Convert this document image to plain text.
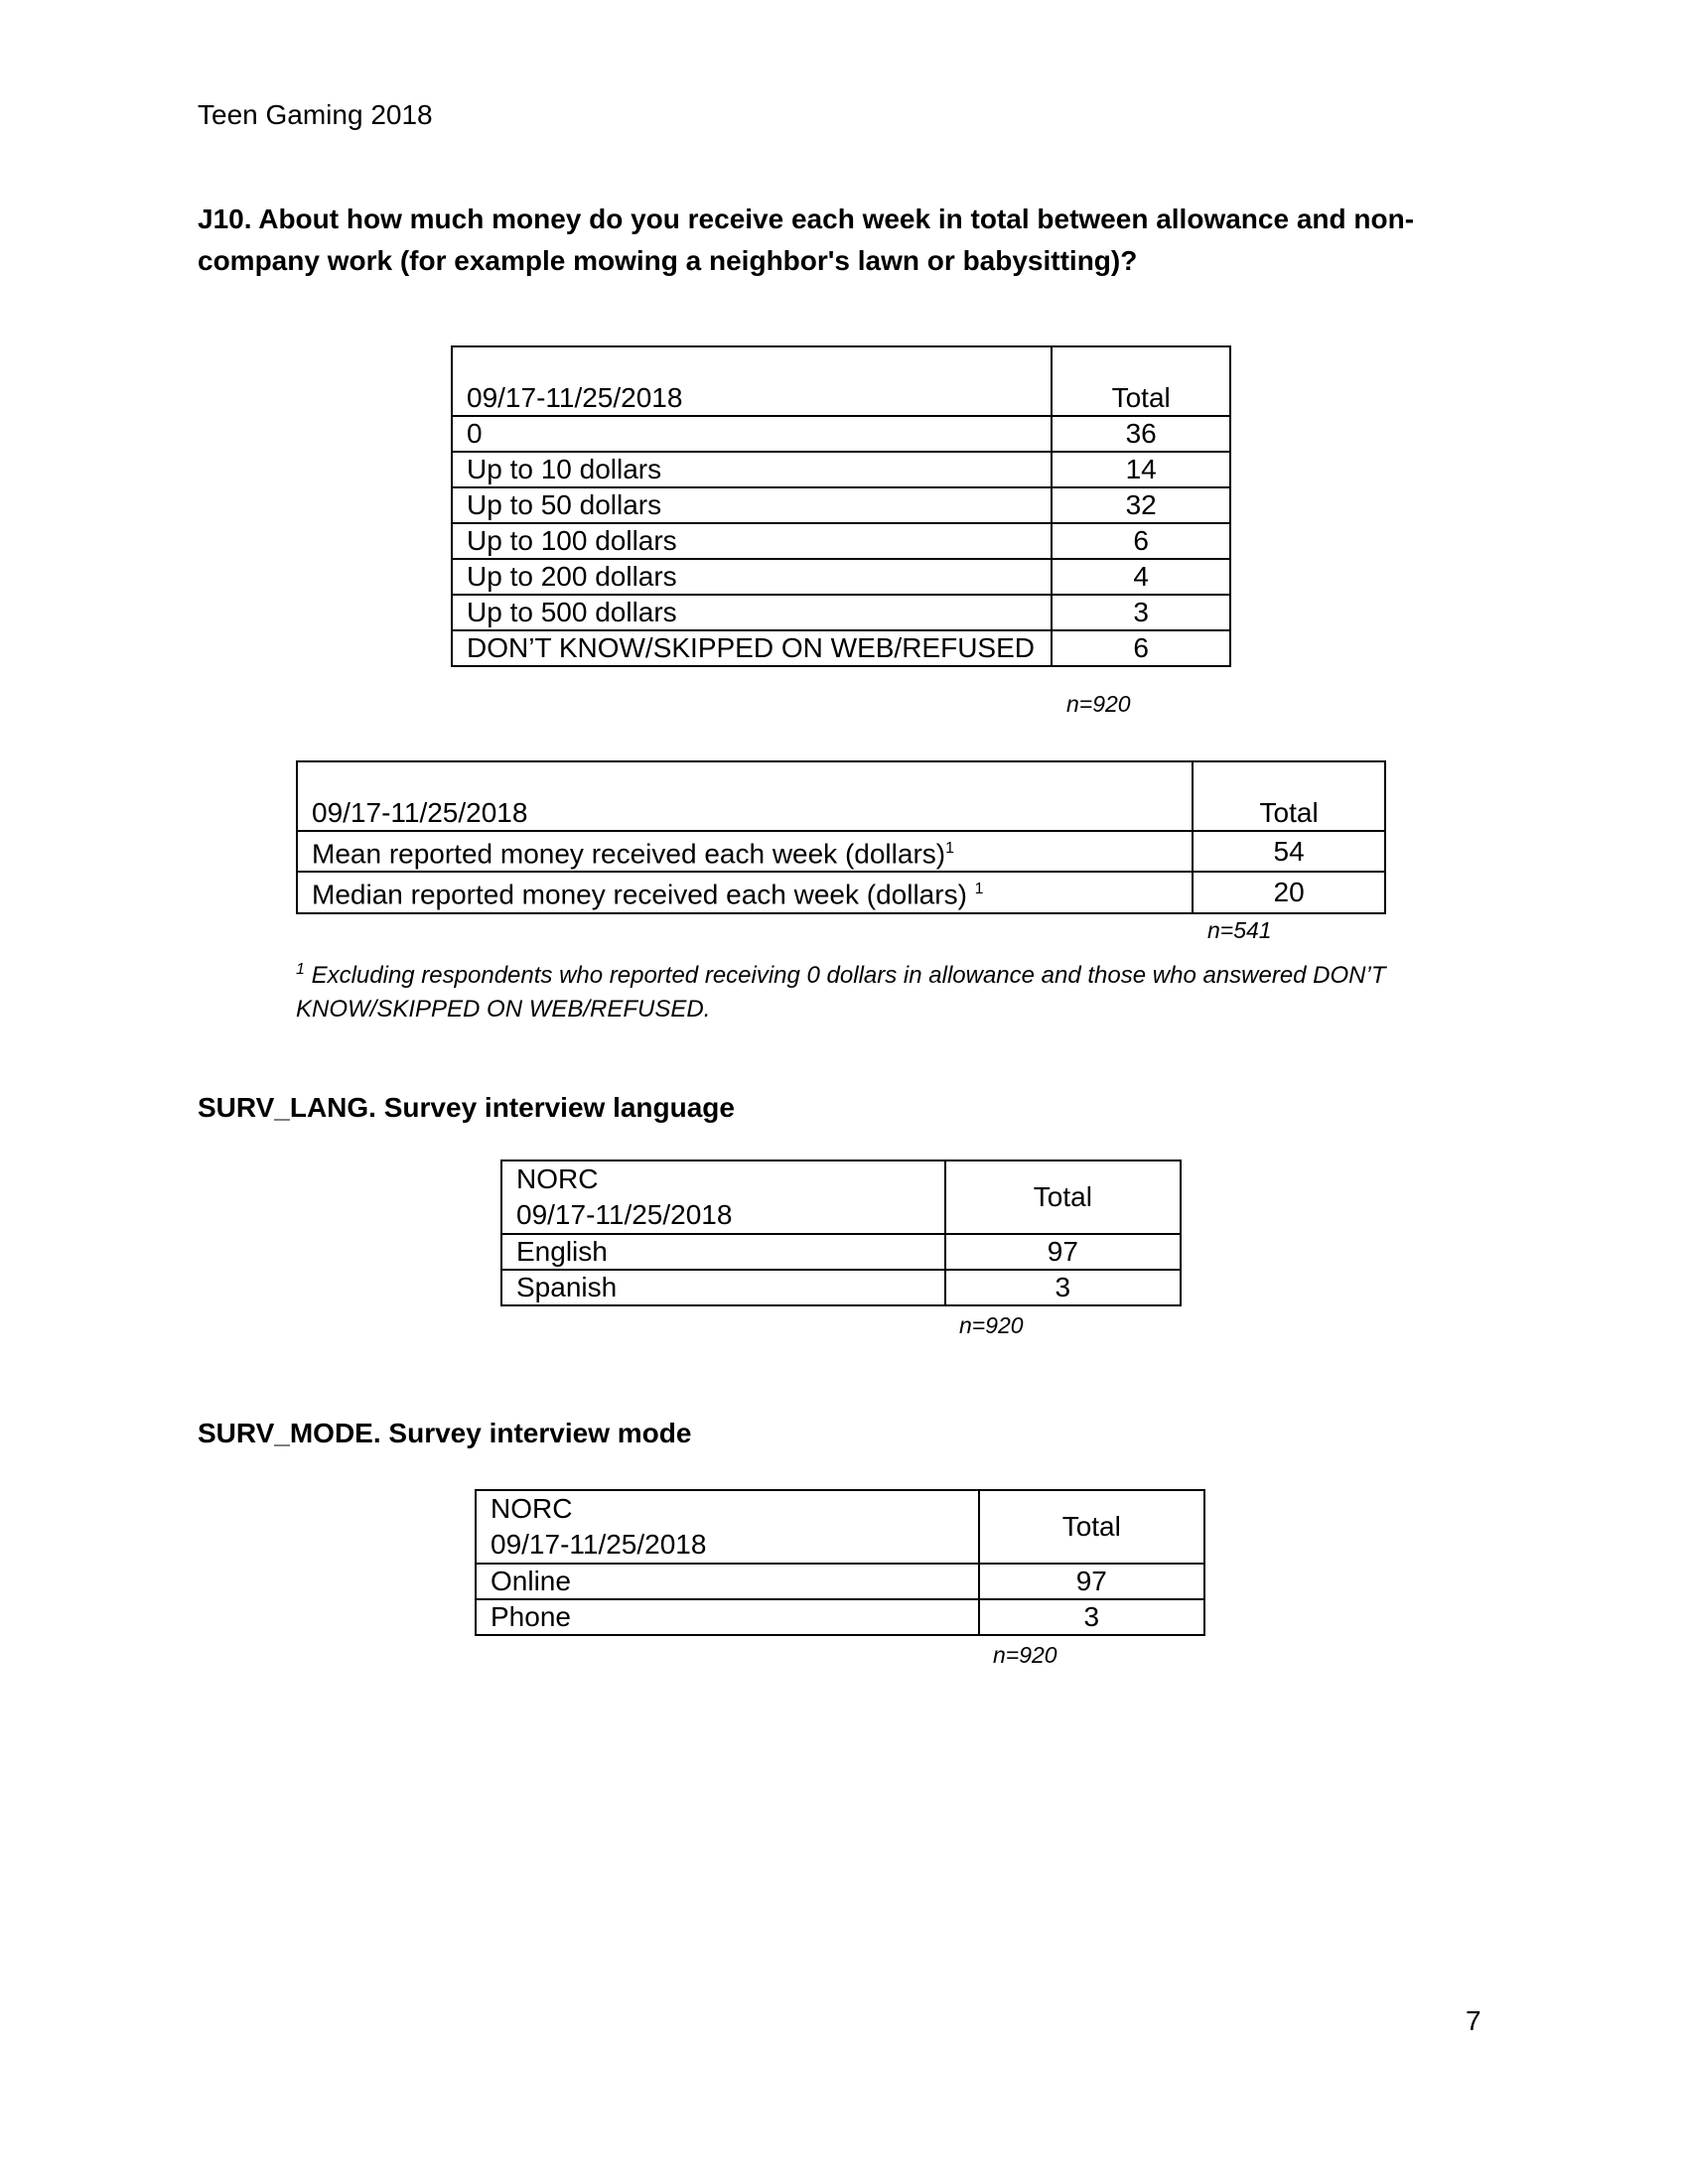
Teen Gaming 2018
J10. About how much money do you receive each week in total between allowance and non-company work (for example mowing a neighbor's lawn or babysitting)?
09/17-11/25/2018	Total
0	36
Up to 10 dollars	14
Up to 50 dollars	32
Up to 100 dollars	6
Up to 200 dollars	4
Up to 500 dollars	3
DON’T KNOW/SKIPPED ON WEB/REFUSED	6
n=920
09/17-11/25/2018	Total
Mean reported money received each week (dollars)$^1$	54
Median reported money received each week (dollars) $^1$	20
n=541
$^1$ Excluding respondents who reported receiving 0 dollars in allowance and those who answered DON’T KNOW/SKIPPED ON WEB/REFUSED.
SURV_LANG. Survey interview language
NORC
09/17-11/25/2018	Total
English	97
Spanish	3
n=920
SURV_MODE. Survey interview mode
NORC
09/17-11/25/2018	Total
Online	97
Phone	3
n=920
7
